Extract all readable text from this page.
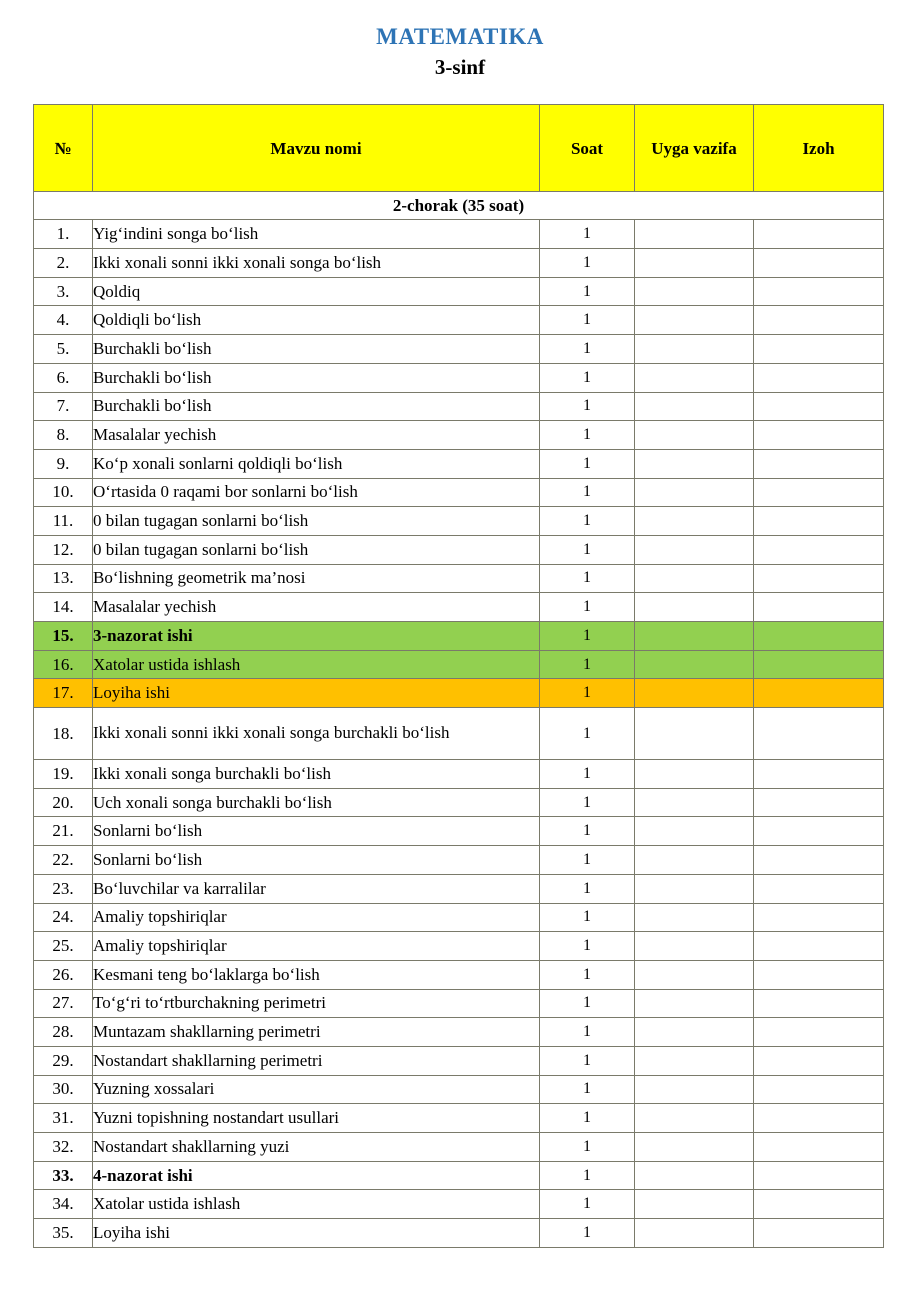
MATEMATIKA
3-sinf
№	Mavzu nomi	Soat	Uyga vazifa	Izoh
2-chorak (35 soat)				
1.	Yig‘indini songa bo‘lish	1		
2.	Ikki xonali sonni ikki xonali songa bo‘lish	1		
3.	Qoldiq	1		
4.	Qoldiqli bo‘lish	1		
5.	Burchakli bo‘lish	1		
6.	Burchakli bo‘lish	1		
7.	Burchakli bo‘lish	1		
8.	Masalalar yechish	1		
9.	Ko‘p xonali sonlarni qoldiqli bo‘lish	1		
10.	O‘rtasida 0 raqami bor sonlarni bo‘lish	1		
11.	0 bilan tugagan sonlarni bo‘lish	1		
12.	0 bilan tugagan sonlarni bo‘lish	1		
13.	Bo‘lishning geometrik ma’nosi	1		
14.	Masalalar yechish	1		
15.	3-nazorat ishi	1		
16.	Xatolar ustida ishlash	1		
17.	Loyiha ishi	1		
18.	Ikki xonali sonni ikki xonali songa burchakli bo‘lish	1		
19.	Ikki xonali songa burchakli bo‘lish	1		
20.	Uch xonali songa burchakli bo‘lish	1		
21.	Sonlarni bo‘lish	1		
22.	Sonlarni bo‘lish	1		
23.	Bo‘luvchilar va karralilar	1		
24.	Amaliy topshiriqlar	1		
25.	Amaliy topshiriqlar	1		
26.	Kesmani teng bo‘laklarga bo‘lish	1		
27.	To‘g‘ri to‘rtburchakning perimetri	1		
28.	Muntazam shakllarning perimetri	1		
29.	Nostandart shakllarning perimetri	1		
30.	Yuzning xossalari	1		
31.	Yuzni topishning nostandart usullari	1		
32.	Nostandart shakllarning yuzi	1		
33.	4-nazorat ishi	1		
34.	Xatolar ustida ishlash	1		
35.	Loyiha ishi	1		
